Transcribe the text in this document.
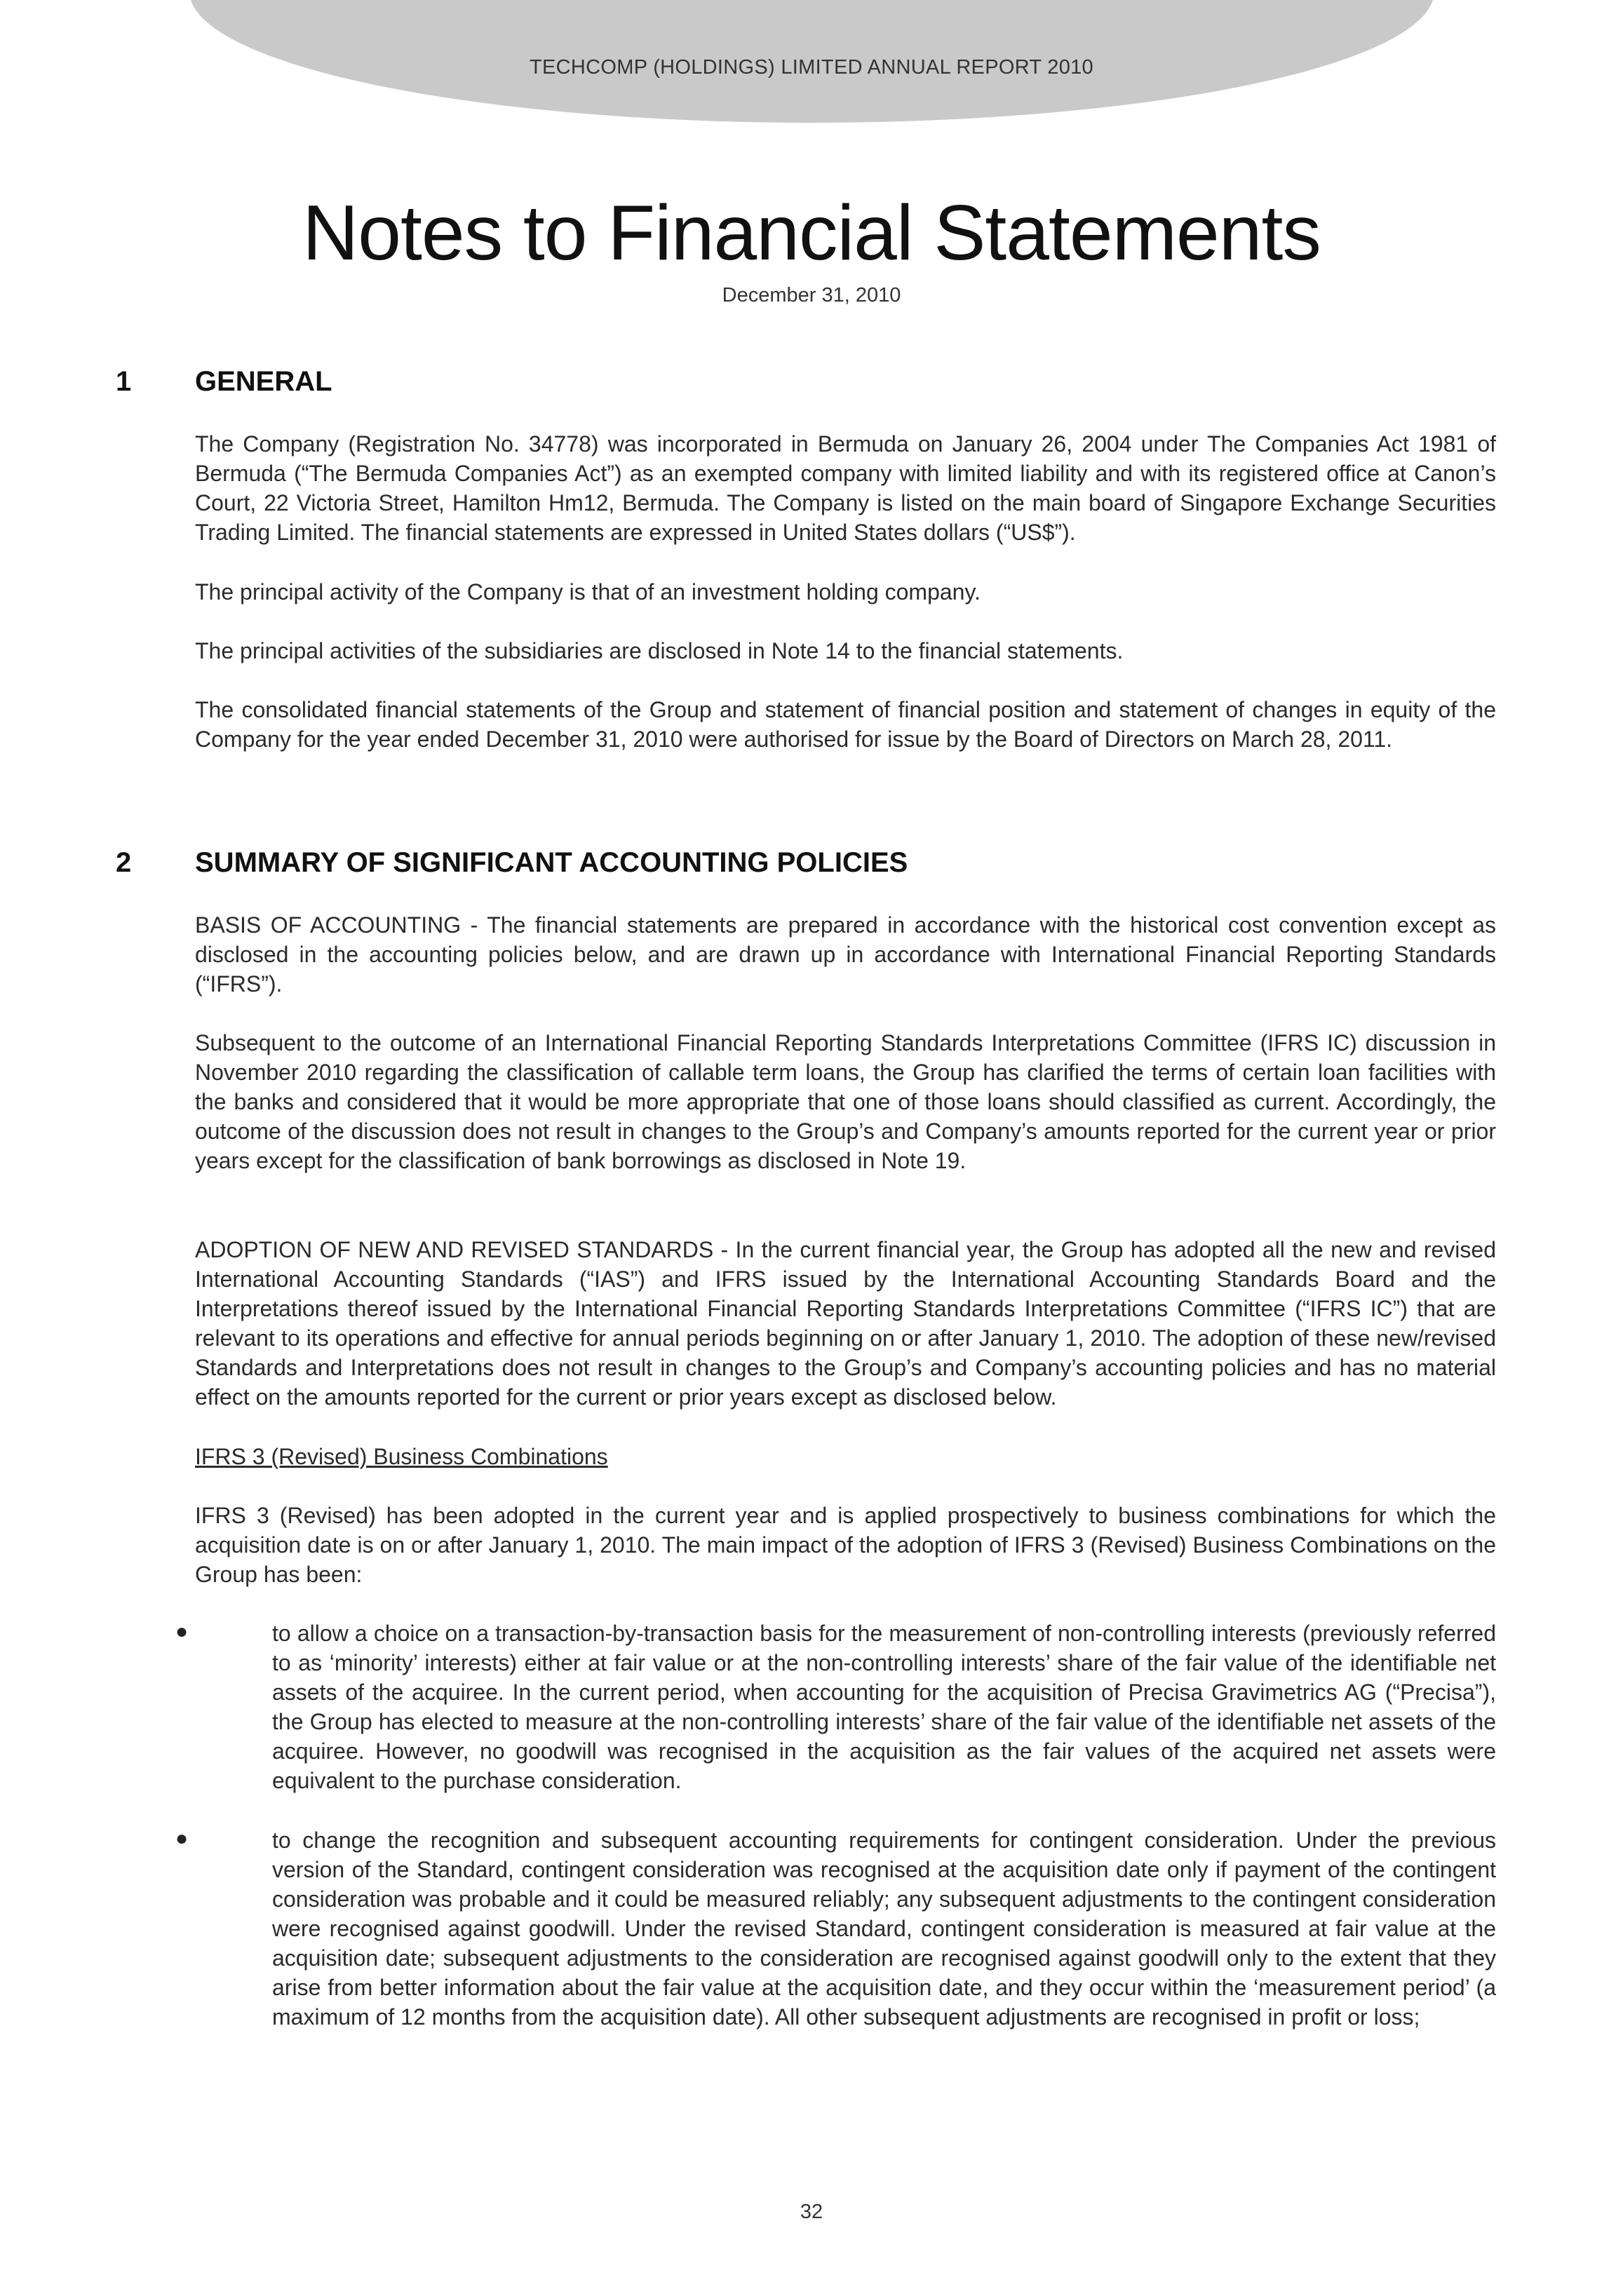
TECHCOMP (HOLDINGS) LIMITED ANNUAL REPORT 2010
Notes to Financial Statements
December 31, 2010
1 GENERAL

The Company (Registration No. 34778) was incorporated in Bermuda on January 26, 2004 under The Companies Act 1981 of Bermuda (“The Bermuda Companies Act”) as an exempted company with limited liability and with its registered office at Canon’s Court, 22 Victoria Street, Hamilton Hm12, Bermuda. The Company is listed on the main board of Singapore Exchange Securities Trading Limited. The financial statements are expressed in United States dollars (“US$”).

The principal activity of the Company is that of an investment holding company.

The principal activities of the subsidiaries are disclosed in Note 14 to the financial statements.

The consolidated financial statements of the Group and statement of financial position and statement of changes in equity of the Company for the year ended December 31, 2010 were authorised for issue by the Board of Directors on March 28, 2011.

2 SUMMARY OF SIGNIFICANT ACCOUNTING POLICIES

BASIS OF ACCOUNTING - The financial statements are prepared in accordance with the historical cost convention except as disclosed in the accounting policies below, and are drawn up in accordance with International Financial Reporting Standards (“IFRS”).

Subsequent to the outcome of an International Financial Reporting Standards Interpretations Committee (IFRS IC) discussion in November 2010 regarding the classification of callable term loans, the Group has clarified the terms of certain loan facilities with the banks and considered that it would be more appropriate that one of those loans should classified as current. Accordingly, the outcome of the discussion does not result in changes to the Group’s and Company’s amounts reported for the current year or prior years except for the classification of bank borrowings as disclosed in Note 19.

ADOPTION OF NEW AND REVISED STANDARDS - In the current financial year, the Group has adopted all the new and revised International Accounting Standards (“IAS”) and IFRS issued by the International Accounting Standards Board and the Interpretations thereof issued by the International Financial Reporting Standards Interpretations Committee (“IFRS IC”) that are relevant to its operations and effective for annual periods beginning on or after January 1, 2010. The adoption of these new/revised Standards and Interpretations does not result in changes to the Group’s and Company’s accounting policies and has no material effect on the amounts reported for the current or prior years except as disclosed below.

IFRS 3 (Revised) Business Combinations

IFRS 3 (Revised) has been adopted in the current year and is applied prospectively to business combinations for which the acquisition date is on or after January 1, 2010. The main impact of the adoption of IFRS 3 (Revised) Business Combinations on the Group has been:

●	to allow a choice on a transaction-by-transaction basis for the measurement of non-controlling interests (previously referred to as ‘minority’ interests) either at fair value or at the non-controlling interests’ share of the fair value of the identifiable net assets of the acquiree. In the current period, when accounting for the acquisition of Precisa Gravimetrics AG (“Precisa”), the Group has elected to measure at the non-controlling interests’ share of the fair value of the identifiable net assets of the acquiree. However, no goodwill was recognised in the acquisition as the fair values of the acquired net assets were equivalent to the purchase consideration.

●	to change the recognition and subsequent accounting requirements for contingent consideration. Under the previous version of the Standard, contingent consideration was recognised at the acquisition date only if payment of the contingent consideration was probable and it could be measured reliably; any subsequent adjustments to the contingent consideration were recognised against goodwill. Under the revised Standard, contingent consideration is measured at fair value at the acquisition date; subsequent adjustments to the consideration are recognised against goodwill only to the extent that they arise from better information about the fair value at the acquisition date, and they occur within the ‘measurement period’ (a maximum of 12 months from the acquisition date). All other subsequent adjustments are recognised in profit or loss;

32
